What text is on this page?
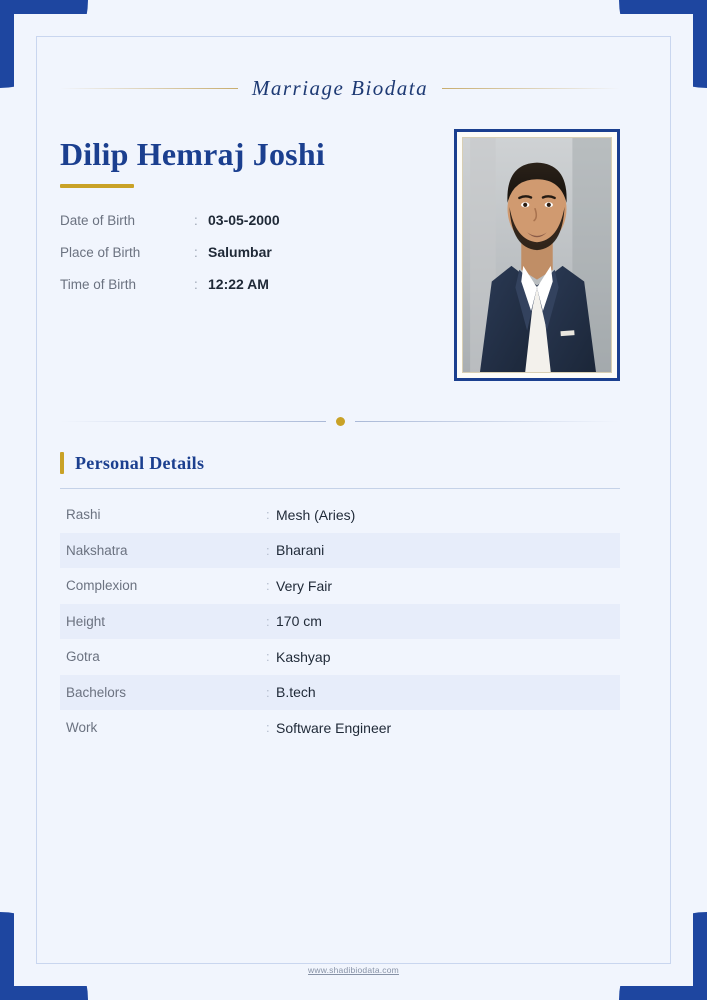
Marriage Biodata
Dilip Hemraj Joshi
Date of Birth	: 03-05-2000
Place of Birth	: Salumbar
Time of Birth	: 12:22 AM
Personal Details
Rashi	: Mesh (Aries)
Nakshatra	: Bharani
Complexion	: Very Fair
Height	: 170 cm
Gotra	: Kashyap
Bachelors	: B.tech
Work	: Software Engineer
www.shadibiodata.com
